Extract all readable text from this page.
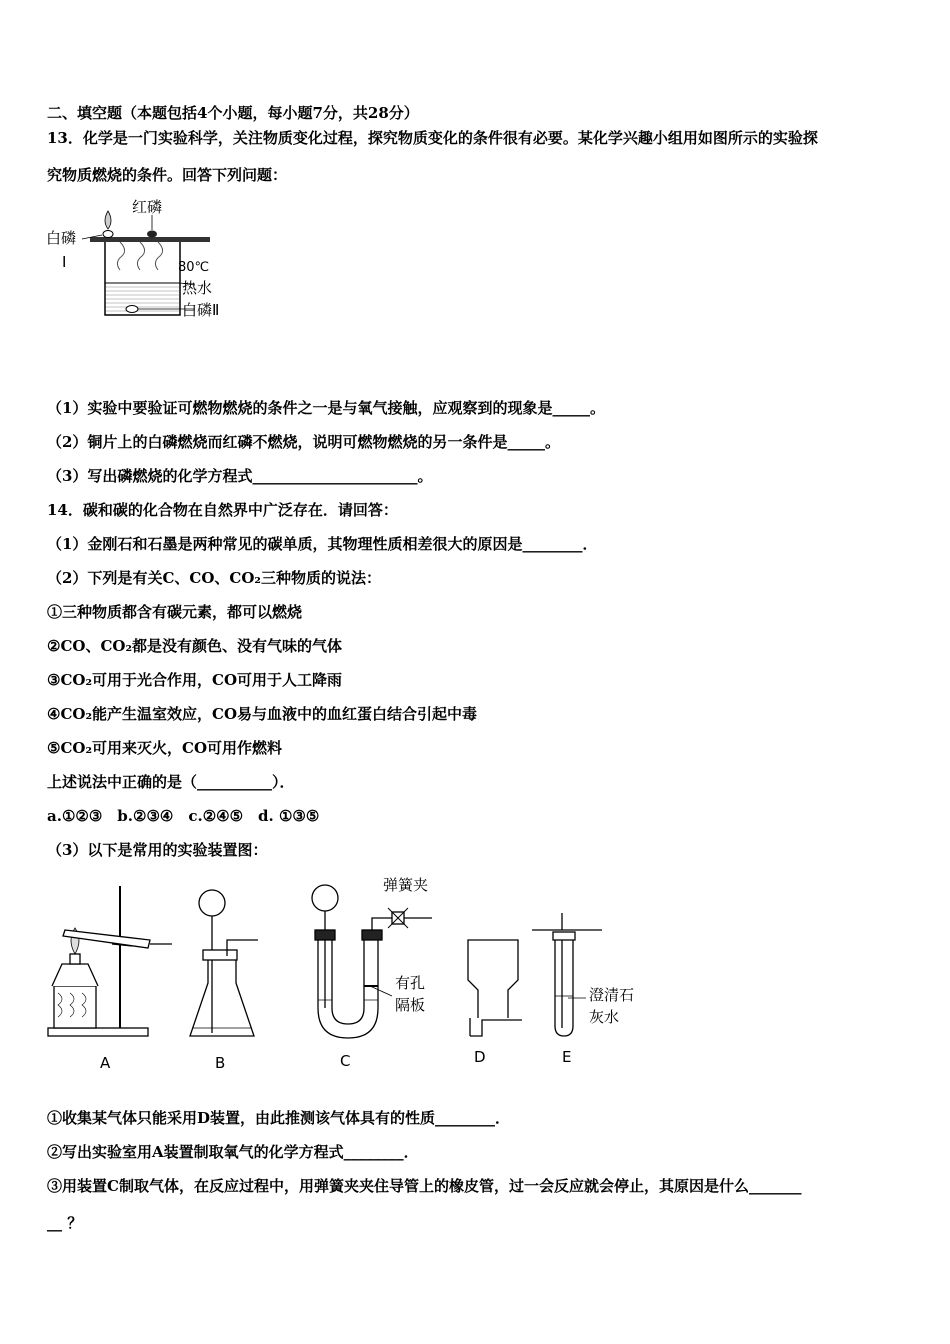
二、填空题（本题包括4个小题，每小题7分，共28分）
13．化学是一门实验科学，关注物质变化过程，探究物质变化的条件很有必要。某化学兴趣小组用如图所示的实验探
究物质燃烧的条件。回答下列问题：
红磷
白磷
I	80℃
热水
白磷Ⅱ
（1）实验中要验证可燃物燃烧的条件之一是与氧气接触，应观察到的现象是_____。
（2）铜片上的白磷燃烧而红磷不燃烧，说明可燃物燃烧的另一条件是_____。
（3）写出磷燃烧的化学方程式______________________。
14．碳和碳的化合物在自然界中广泛存在．请回答：
（1）金刚石和石墨是两种常见的碳单质，其物理性质相差很大的原因是________．
（2）下列是有关C、CO、CO₂三种物质的说法：
①三种物质都含有碳元素，都可以燃烧
②CO、CO₂都是没有颜色、没有气味的气体
③CO₂可用于光合作用，CO可用于人工降雨
④CO₂能产生温室效应，CO易与血液中的血红蛋白结合引起中毒
⑤CO₂可用来灭火，CO可用作燃料
上述说法中正确的是（__________）．
a.①②③　b.②③④　c.②④⑤　d. ①③⑤
（3）以下是常用的实验装置图：
A	B
弹簧夹
有孔
隔板
C	D
澄清石
灰水
E
①收集某气体只能采用D装置，由此推测该气体具有的性质________．
②写出实验室用A装置制取氧气的化学方程式________．
③用装置C制取气体，在反应过程中，用弹簧夹夹住导管上的橡皮管，过一会反应就会停止，其原因是什么_______
__ ？
